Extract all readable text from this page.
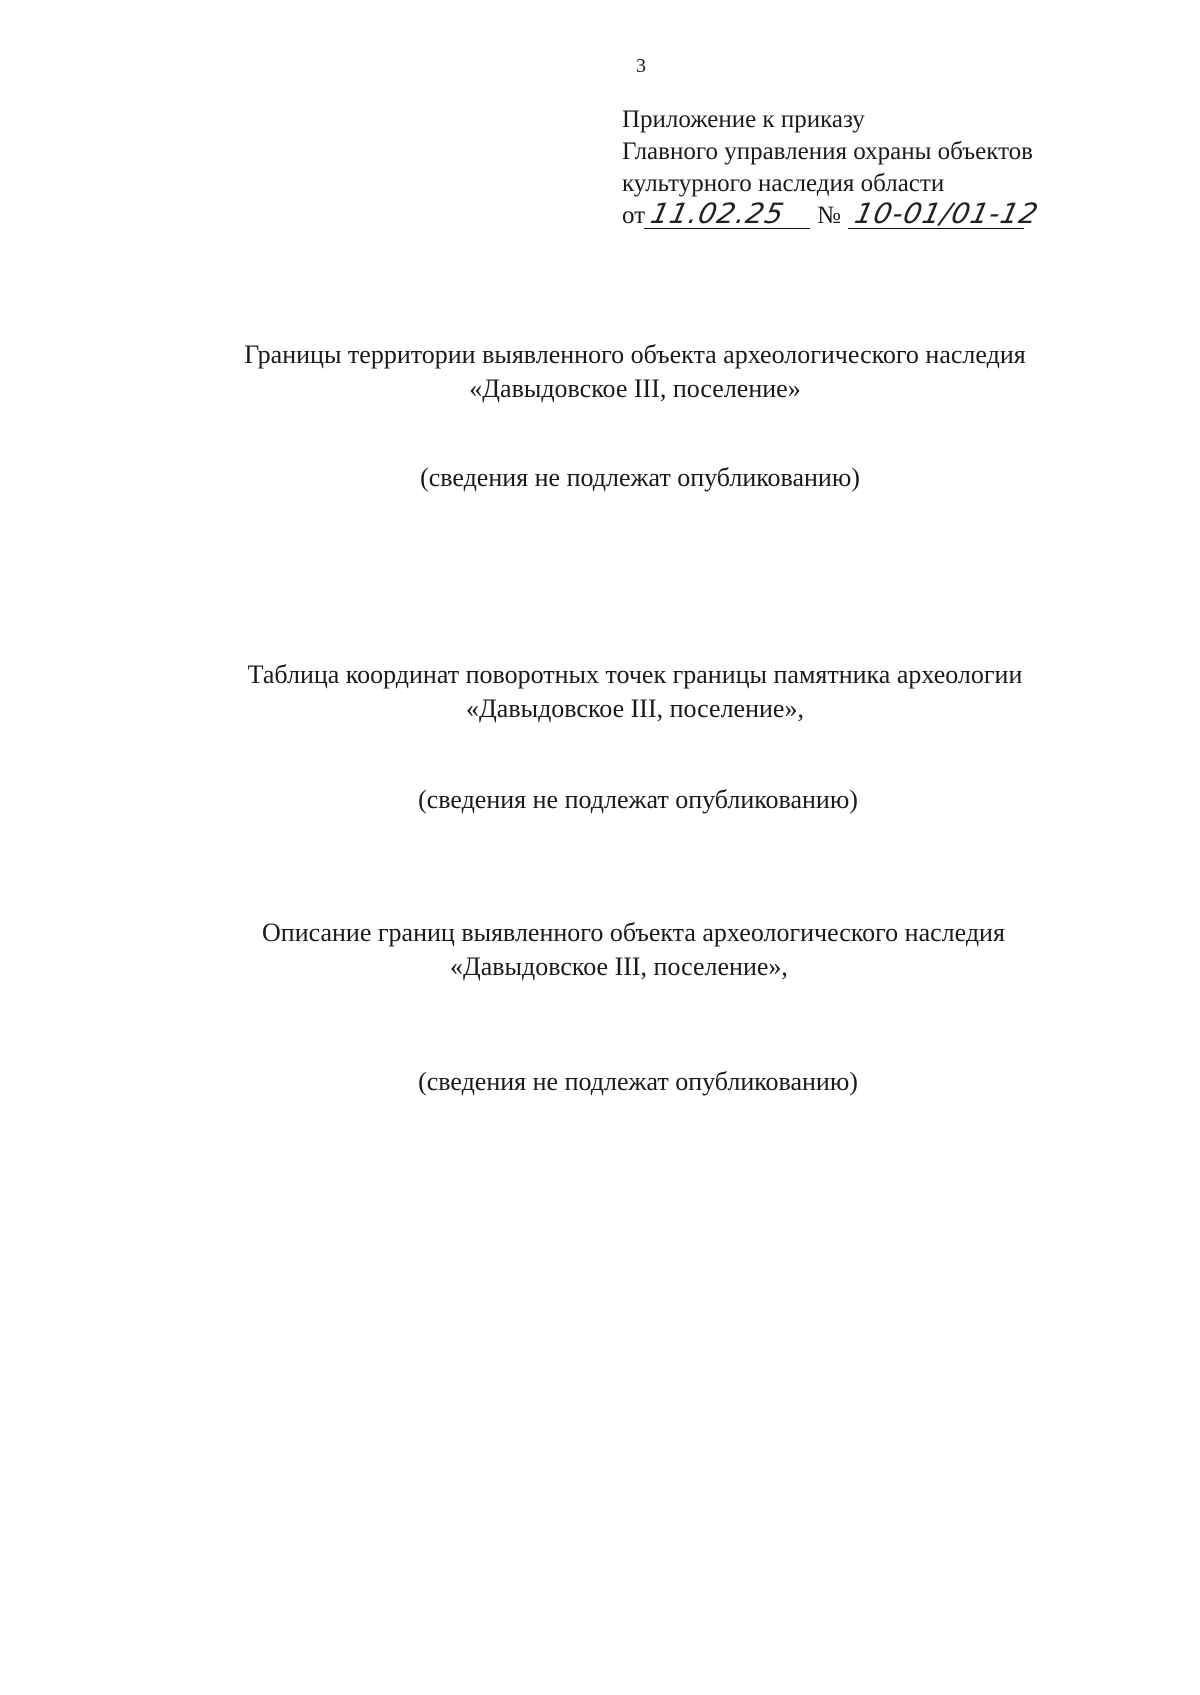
3
Приложение к приказу
Главного управления охраны объектов
культурного наследия области
от11.02.25 № 10-01/01-12
Границы территории выявленного объекта археологического наследия
«Давыдовское III, поселение»
(сведения не подлежат опубликованию)
Таблица координат поворотных точек границы памятника археологии
«Давыдовское III, поселение»,
(сведения не подлежат опубликованию)
Описание границ выявленного объекта археологического наследия
«Давыдовское III, поселение»,
(сведения не подлежат опубликованию)
